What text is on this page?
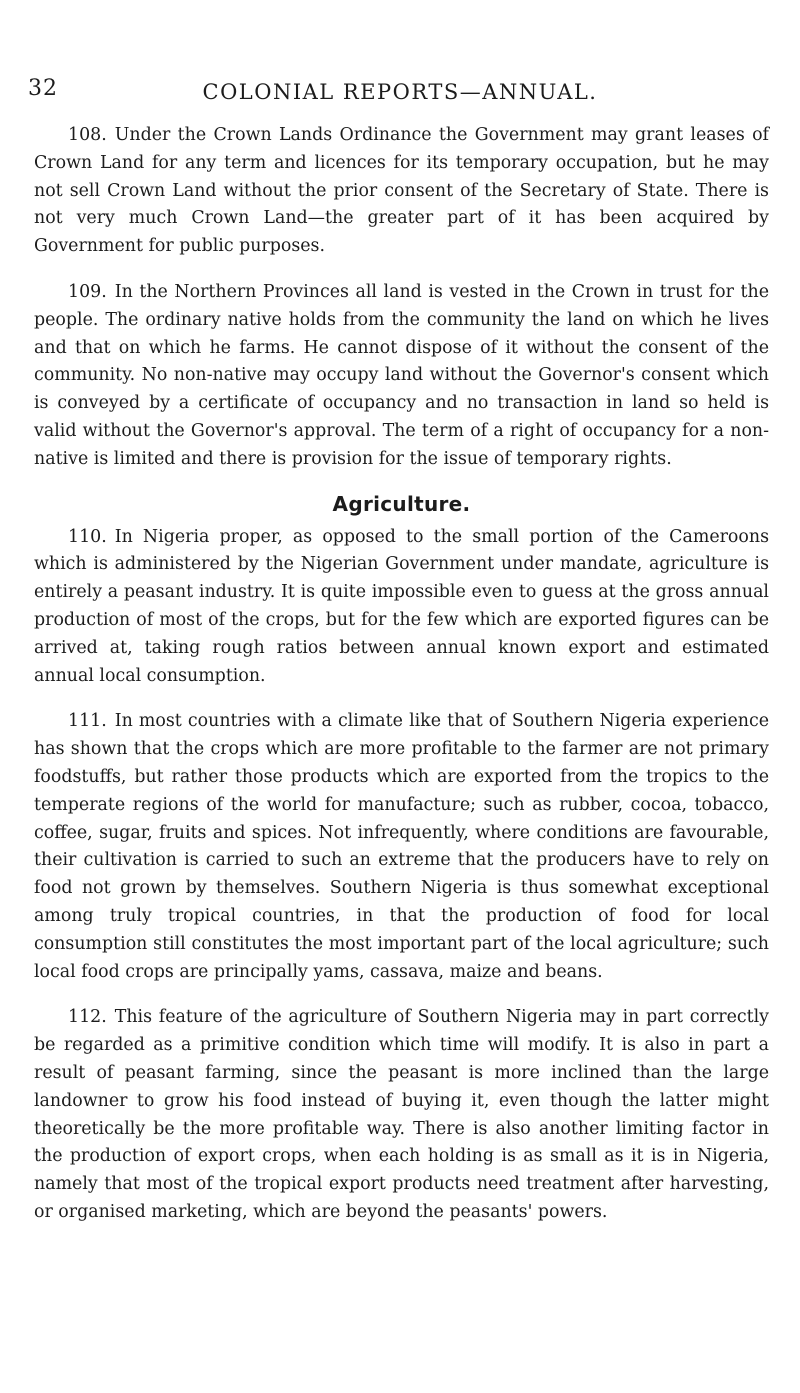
32	COLONIAL REPORTS—ANNUAL.

108. Under the Crown Lands Ordinance the Government may grant leases of Crown Land for any term and licences for its temporary occupation, but he may not sell Crown Land without the prior consent of the Secretary of State. There is not very much Crown Land—the greater part of it has been acquired by Government for public purposes.

109. In the Northern Provinces all land is vested in the Crown in trust for the people. The ordinary native holds from the community the land on which he lives and that on which he farms. He cannot dispose of it without the consent of the community. No non-native may occupy land without the Governor's consent which is conveyed by a certificate of occupancy and no transaction in land so held is valid without the Governor's approval. The term of a right of occupancy for a non-native is limited and there is provision for the issue of temporary rights.

Agriculture.

110. In Nigeria proper, as opposed to the small portion of the Cameroons which is administered by the Nigerian Government under mandate, agriculture is entirely a peasant industry. It is quite impossible even to guess at the gross annual production of most of the crops, but for the few which are exported figures can be arrived at, taking rough ratios between annual known export and estimated annual local consumption.

111. In most countries with a climate like that of Southern Nigeria experience has shown that the crops which are more profitable to the farmer are not primary foodstuffs, but rather those products which are exported from the tropics to the temperate regions of the world for manufacture; such as rubber, cocoa, tobacco, coffee, sugar, fruits and spices. Not infrequently, where conditions are favourable, their cultivation is carried to such an extreme that the producers have to rely on food not grown by themselves. Southern Nigeria is thus somewhat exceptional among truly tropical countries, in that the production of food for local consumption still constitutes the most important part of the local agriculture; such local food crops are principally yams, cassava, maize and beans.

112. This feature of the agriculture of Southern Nigeria may in part correctly be regarded as a primitive condition which time will modify. It is also in part a result of peasant farming, since the peasant is more inclined than the large landowner to grow his food instead of buying it, even though the latter might theoretically be the more profitable way. There is also another limiting factor in the production of export crops, when each holding is as small as it is in Nigeria, namely that most of the tropical export products need treatment after harvesting, or organised marketing, which are beyond the peasants' powers.
